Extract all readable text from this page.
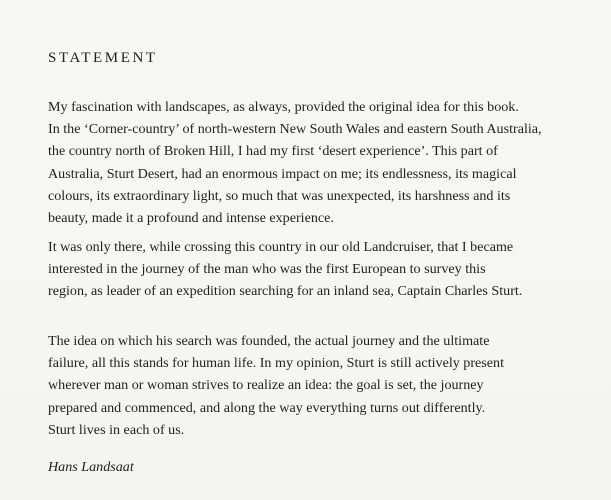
STATEMENT
My fascination with landscapes, as always, provided the original idea for this book.
In the ‘Corner-country’ of north-western New South Wales and eastern South Australia,
the country north of Broken Hill, I had my first ‘desert experience’. This part of
Australia, Sturt Desert, had an enormous impact on me; its endlessness, its magical
colours, its extraordinary light, so much that was unexpected, its harshness and its
beauty, made it a profound and intense experience.
It was only there, while crossing this country in our old Landcruiser, that I became
interested in the journey of the man who was the first European to survey this
region, as leader of an expedition searching for an inland sea, Captain Charles Sturt.
The idea on which his search was founded, the actual journey and the ultimate
failure, all this stands for human life. In my opinion, Sturt is still actively present
wherever man or woman strives to realize an idea: the goal is set, the journey
prepared and commenced, and along the way everything turns out differently.
Sturt lives in each of us.
Hans Landsaat
